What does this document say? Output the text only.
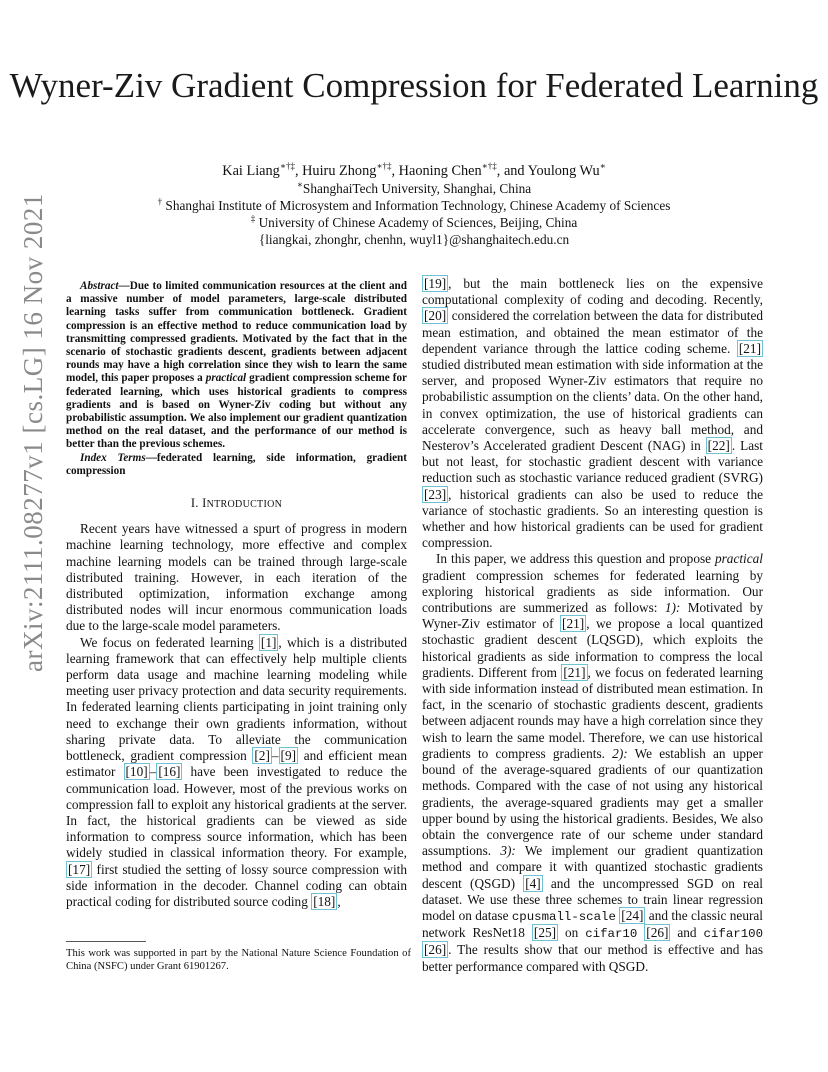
arXiv:2111.08277v1 [cs.LG] 16 Nov 2021
Wyner-Ziv Gradient Compression for Federated Learning
Kai Liang∗†‡, Huiru Zhong∗†‡, Haoning Chen∗†‡, and Youlong Wu∗
∗ShanghaiTech University, Shanghai, China
† Shanghai Institute of Microsystem and Information Technology, Chinese Academy of Sciences
‡ University of Chinese Academy of Sciences, Beijing, China
{liangkai, zhonghr, chenhn, wuyl1}@shanghaitech.edu.cn

Abstract—Due to limited communication resources at the client and a massive number of model parameters, large-scale distributed learning tasks suffer from communication bottleneck. Gradient compression is an effective method to reduce communication load by transmitting compressed gradients. Motivated by the fact that in the scenario of stochastic gradients descent, gradients between adjacent rounds may have a high correlation since they wish to learn the same model, this paper proposes a practical gradient compression scheme for federated learning, which uses historical gradients to compress gradients and is based on Wyner-Ziv coding but without any probabilistic assumption. We also implement our gradient quantization method on the real dataset, and the performance of our method is better than the previous schemes.

Index Terms—federated learning, side information, gradient compression

I. INTRODUCTION

Recent years have witnessed a spurt of progress in modern machine learning technology, more effective and complex machine learning models can be trained through large-scale distributed training. However, in each iteration of the distributed optimization, information exchange among distributed nodes will incur enormous communication loads due to the large-scale model parameters.

We focus on federated learning [1] , which is a distributed learning framework that can effectively help multiple clients perform data usage and machine learning modeling while meeting user privacy protection and data security requirements. In federated learning clients participating in joint training only need to exchange their own gradients information, without sharing private data. To alleviate the communication bottleneck, gradient compression [2] – [9] and efficient mean estimator [10] – [16] have been investigated to reduce the communication load. However, most of the previous works on compression fall to exploit any historical gradients at the server. In fact, the historical gradients can be viewed as side information to compress source information, which has been widely studied in classical information theory. For example, [17] first studied the setting of lossy source compression with side information in the decoder. Channel coding can obtain practical coding for distributed source coding [18] ,

This work was supported in part by the National Nature Science Foundation of China (NSFC) under Grant 61901267.

[19] , but the main bottleneck lies on the expensive computational complexity of coding and decoding. Recently, [20] considered the correlation between the data for distributed mean estimation, and obtained the mean estimator of the dependent variance through the lattice coding scheme. [21] studied distributed mean estimation with side information at the server, and proposed Wyner-Ziv estimators that require no probabilistic assumption on the clients’ data. On the other hand, in convex optimization, the use of historical gradients can accelerate convergence, such as heavy ball method, and Nesterov’s Accelerated gradient Descent (NAG) in [22] . Last but not least, for stochastic gradient descent with variance reduction such as stochastic variance reduced gradient (SVRG) [23] , historical gradients can also be used to reduce the variance of stochastic gradients. So an interesting question is whether and how historical gradients can be used for gradient compression.

In this paper, we address this question and propose practical gradient compression schemes for federated learning by exploring historical gradients as side information. Our contributions are summerized as follows: 1): Motivated by Wyner-Ziv estimator of [21] , we propose a local quantized stochastic gradient descent (LQSGD), which exploits the historical gradients as side information to compress the local gradients. Different from [21] , we focus on federated learning with side information instead of distributed mean estimation. In fact, in the scenario of stochastic gradients descent, gradients between adjacent rounds may have a high correlation since they wish to learn the same model. Therefore, we can use historical gradients to compress gradients. 2): We establish an upper bound of the average-squared gradients of our quantization methods. Compared with the case of not using any historical gradients, the average-squared gradients may get a smaller upper bound by using the historical gradients. Besides, We also obtain the convergence rate of our scheme under standard assumptions. 3): We implement our gradient quantization method and compare it with quantized stochastic gradients descent (QSGD) [4] and the uncompressed SGD on real dataset. We use these three schemes to train linear regression model on datase cpusmall-scale [24] and the classic neural network ResNet18 [25] on cifar10 [26] and cifar100 [26] . The results show that our method is effective and has better performance compared with QSGD.
